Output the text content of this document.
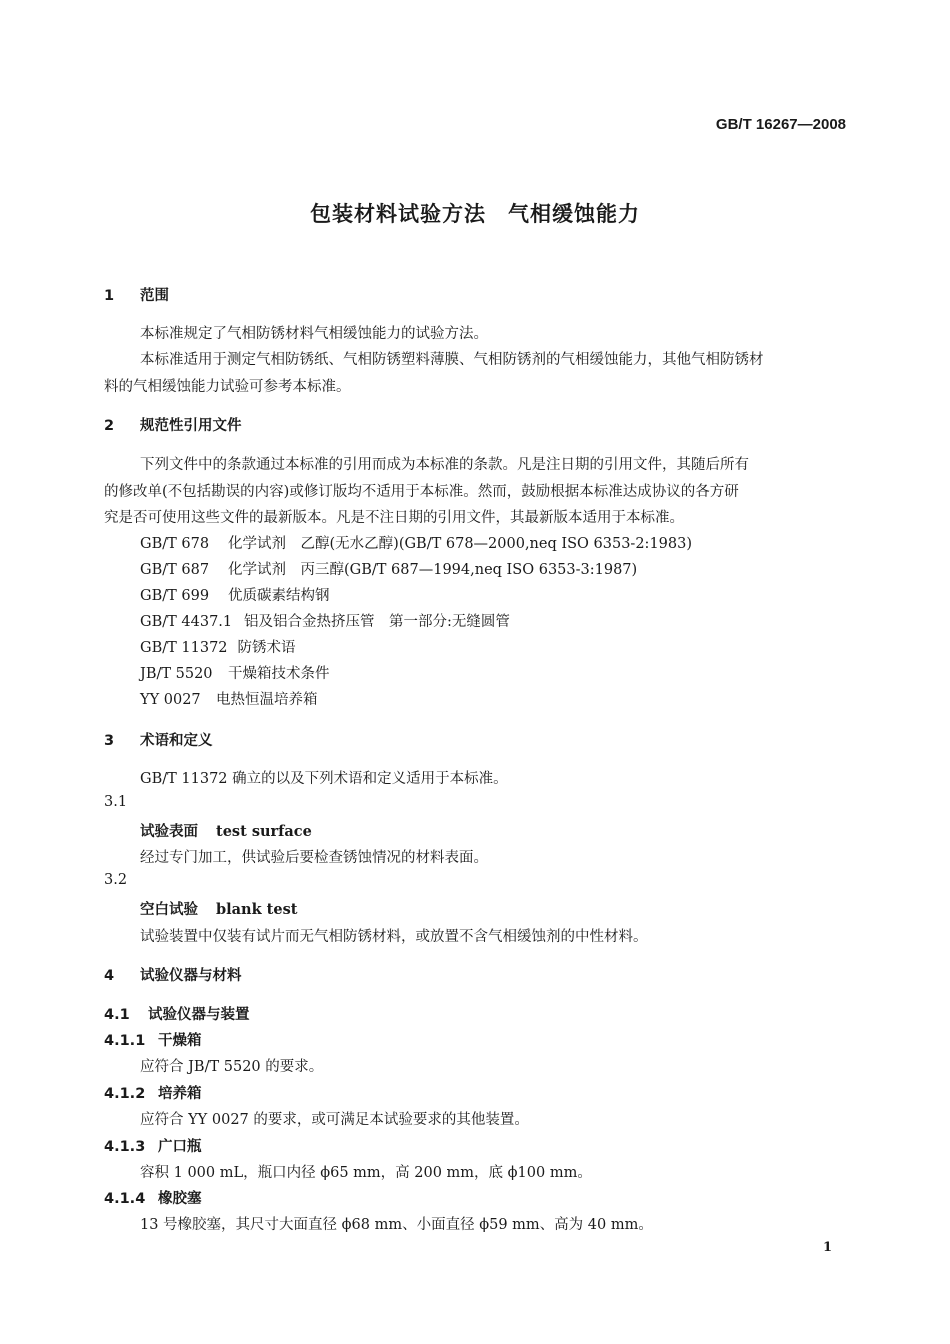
GB/T 16267—2008
包装材料试验方法　气相缓蚀能力
1 范围
本标准规定了气相防锈材料气相缓蚀能力的试验方法。
本标准适用于测定气相防锈纸、气相防锈塑料薄膜、气相防锈剂的气相缓蚀能力，其他气相防锈材
料的气相缓蚀能力试验可参考本标准。
2 规范性引用文件
下列文件中的条款通过本标准的引用而成为本标准的条款。凡是注日期的引用文件，其随后所有
的修改单(不包括勘误的内容)或修订版均不适用于本标准。然而，鼓励根据本标准达成协议的各方研
究是否可使用这些文件的最新版本。凡是不注日期的引用文件，其最新版本适用于本标准。
GB/T 678 化学试剂　乙醇(无水乙醇)(GB/T 678—2000,neq ISO 6353-2:1983)
GB/T 687 化学试剂　丙三醇(GB/T 687—1994,neq ISO 6353-3:1987)
GB/T 699 优质碳素结构钢
GB/T 4437.1 铝及铝合金热挤压管　第一部分:无缝圆管
GB/T 11372 防锈术语
JB/T 5520 干燥箱技术条件
YY 0027 电热恒温培养箱
3 术语和定义
GB/T 11372 确立的以及下列术语和定义适用于本标准。
3.1
试验表面 test surface
经过专门加工，供试验后要检查锈蚀情况的材料表面。
3.2
空白试验 blank test
试验装置中仅装有试片而无气相防锈材料，或放置不含气相缓蚀剂的中性材料。
4 试验仪器与材料
4.1 试验仪器与装置
4.1.1 干燥箱
应符合 JB/T 5520 的要求。
4.1.2 培养箱
应符合 YY 0027 的要求，或可满足本试验要求的其他装置。
4.1.3 广口瓶
容积 1 000 mL，瓶口内径 ϕ65 mm，高 200 mm，底 ϕ100 mm。
4.1.4 橡胶塞
13 号橡胶塞，其尺寸大面直径 ϕ68 mm、小面直径 ϕ59 mm、高为 40 mm。
1
